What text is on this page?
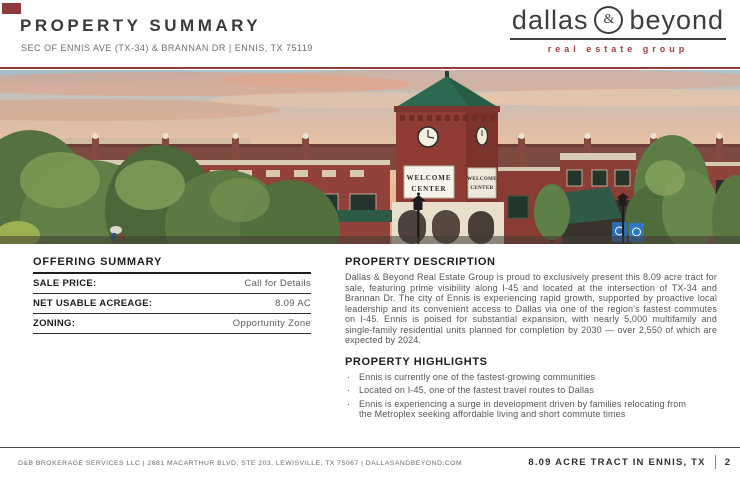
PROPERTY SUMMARY
SEC OF ENNIS AVE (TX-34) & BRANNAN DR | ENNIS, TX 75119
dallas	& beyond
real estate group
WELCOME
CENTER
WELCOME
CENTER
OFFERING SUMMARY
SALE PRICE:	Call for Details
NET USABLE ACREAGE:	8.09 AC
ZONING:	Opportunity Zone
PROPERTY DESCRIPTION

Dallas & Beyond Real Estate Group is proud to exclusively present this 8.09 acre tract for sale, featuring prime visibility along I-45 and located at the intersection of TX-34 and Brannan Dr. The city of Ennis is experiencing rapid growth, supported by proactive local leadership and its convenient access to Dallas via one of the region's fastest commutes on I-45. Ennis is poised for substantial expansion, with nearly 5,000 multifamily and single-family residential units planned for completion by 2030 — over 2,550 of which are expected by 2024.

PROPERTY HIGHLIGHTS
· Ennis is currently one of the fastest-growing communities
· Located on I-45, one of the fastest travel routes to Dallas
· Ennis is experiencing a surge in development driven by families relocating from the Metroplex seeking affordable living and short commute times
D&B BROKERAGE SERVICES LLC | 2681 MACARTHUR BLVD, STE 203, LEWISVILLE, TX 75067 | DALLASANDBEYOND.COM	8.09 ACRE TRACT IN ENNIS, TX 2
